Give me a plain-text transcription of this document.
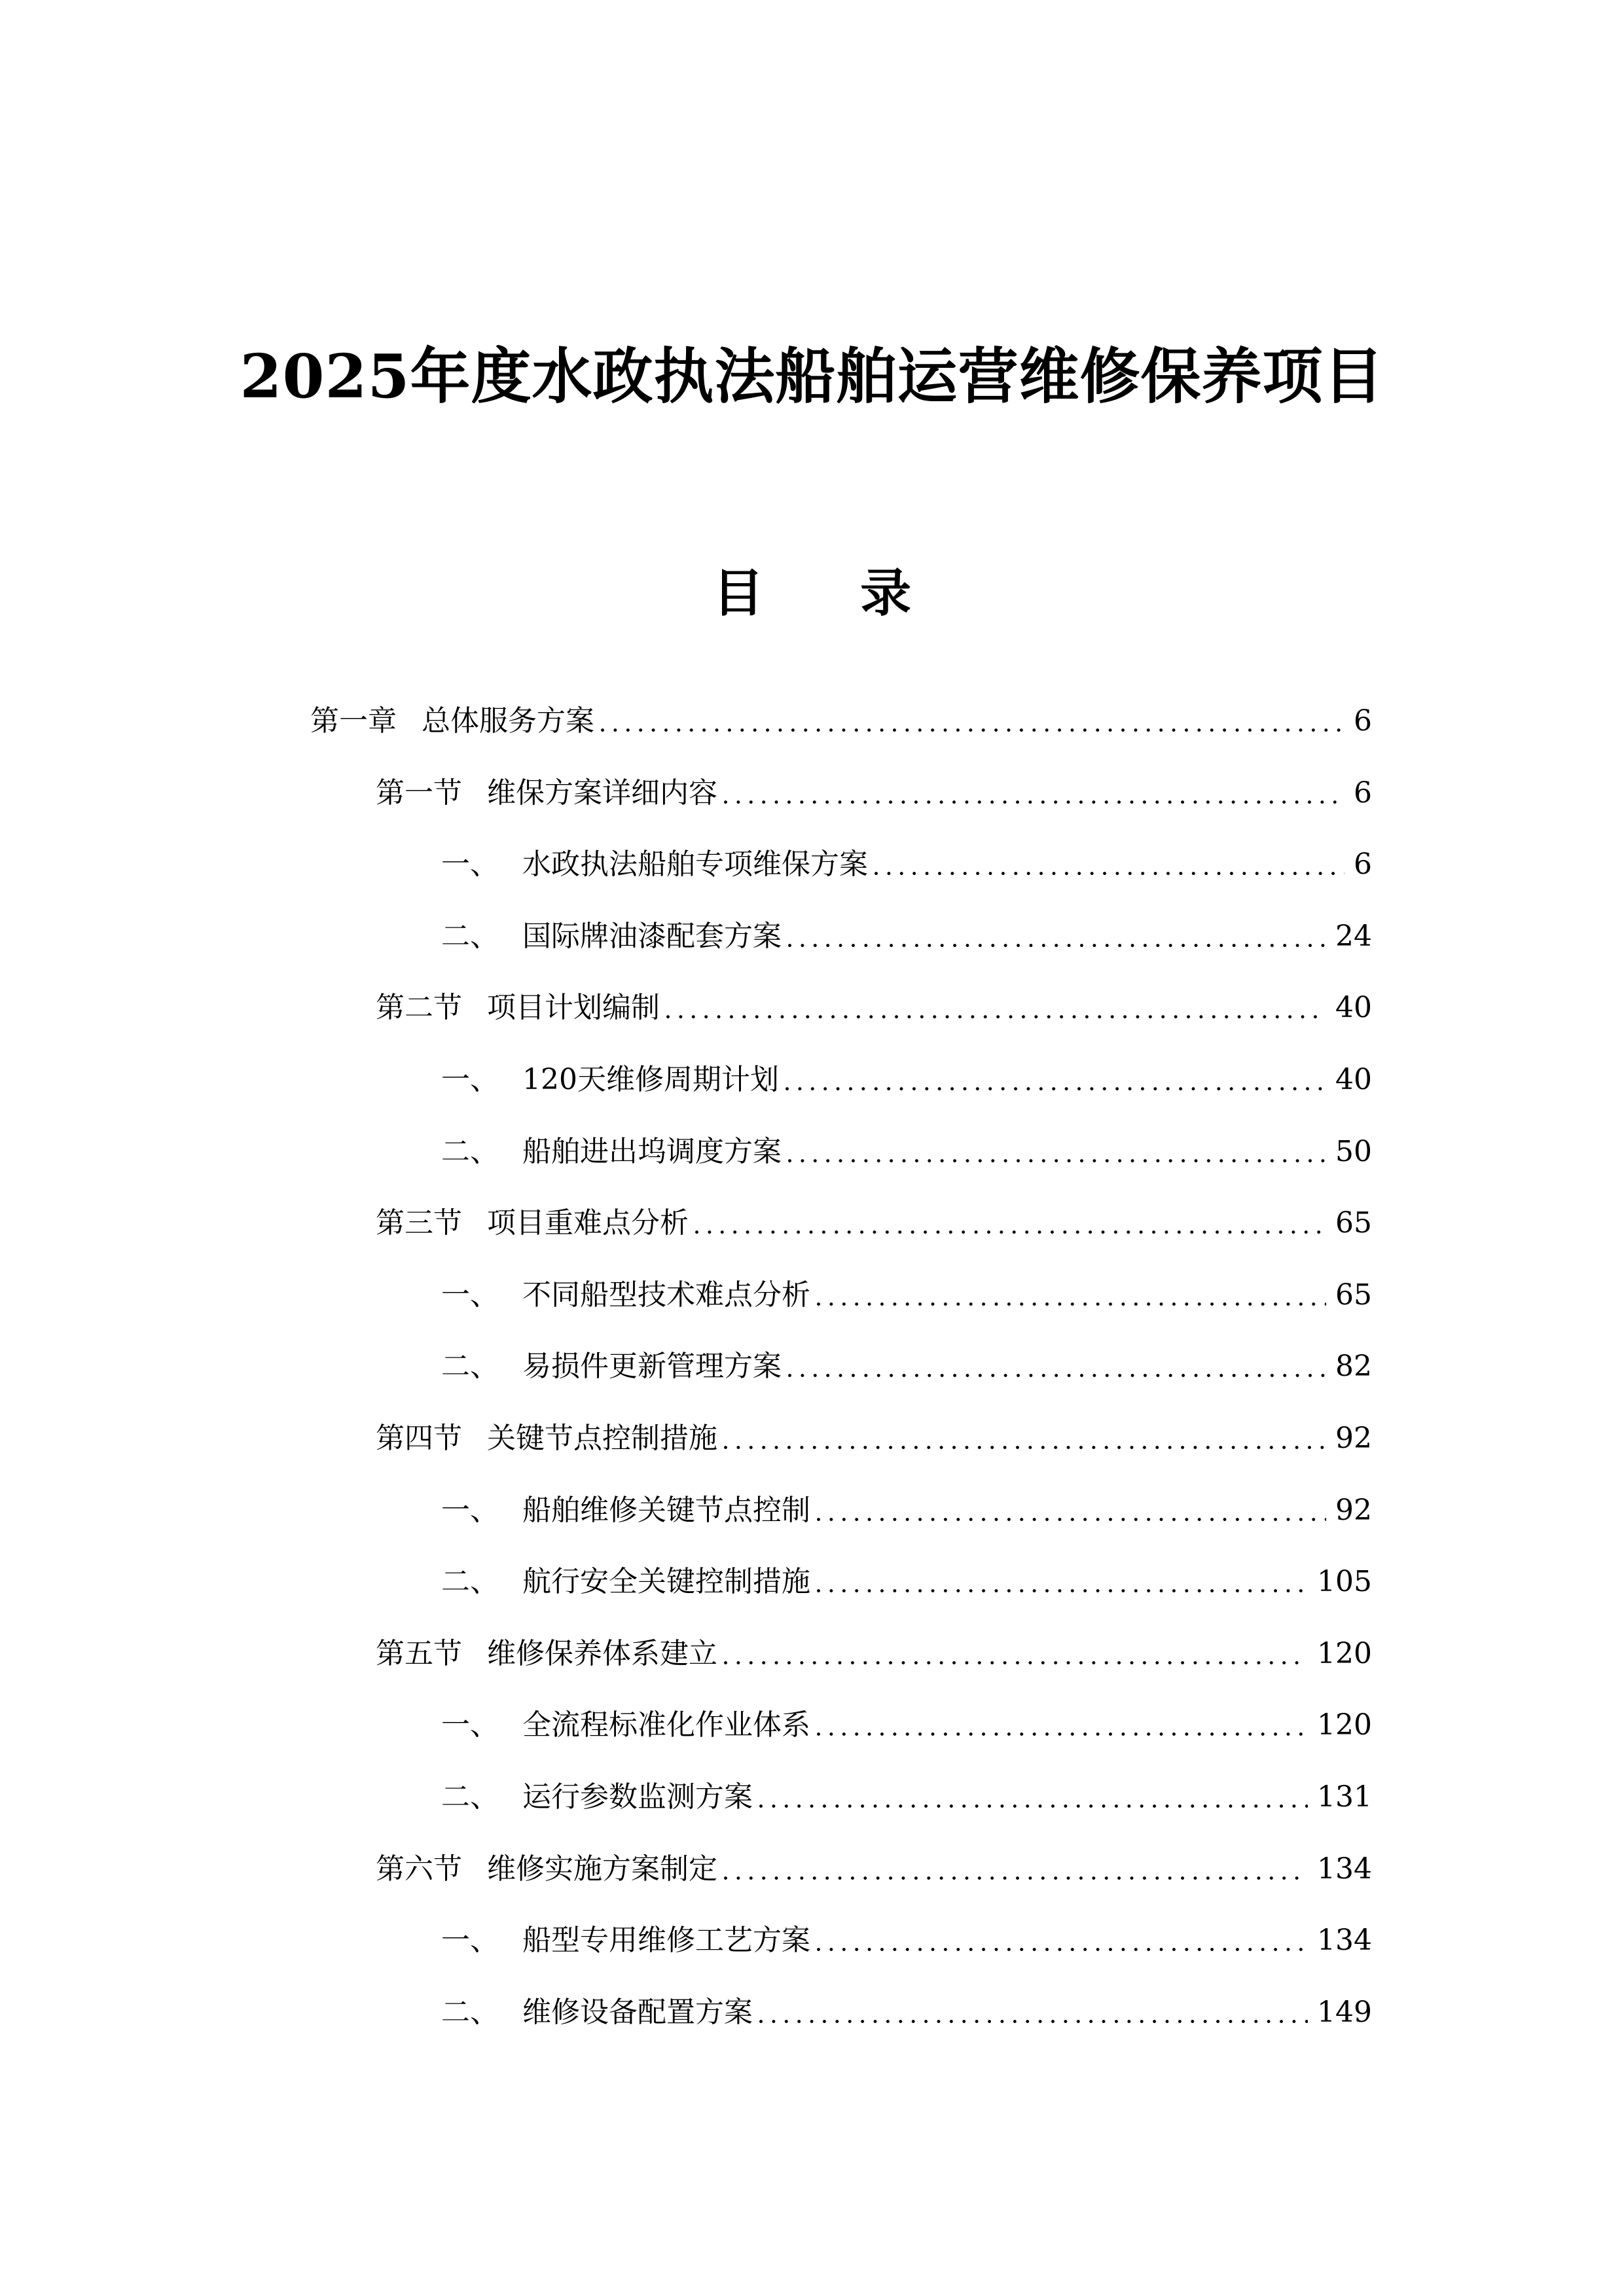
2025年度水政执法船舶运营维修保养项目
目 录
第一章 总体服务方案	6
第一节 维保方案详细内容	6
一、 水政执法船舶专项维保方案	6
二、 国际牌油漆配套方案	24
第二节 项目计划编制	40
一、 120天维修周期计划	40
二、 船舶进出坞调度方案	50
第三节 项目重难点分析	65
一、 不同船型技术难点分析	65
二、 易损件更新管理方案	82
第四节 关键节点控制措施	92
一、 船舶维修关键节点控制	92
二、 航行安全关键控制措施	105
第五节 维修保养体系建立	120
一、 全流程标准化作业体系	120
二、 运行参数监测方案	131
第六节 维修实施方案制定	134
一、 船型专用维修工艺方案	134
二、 维修设备配置方案	149
